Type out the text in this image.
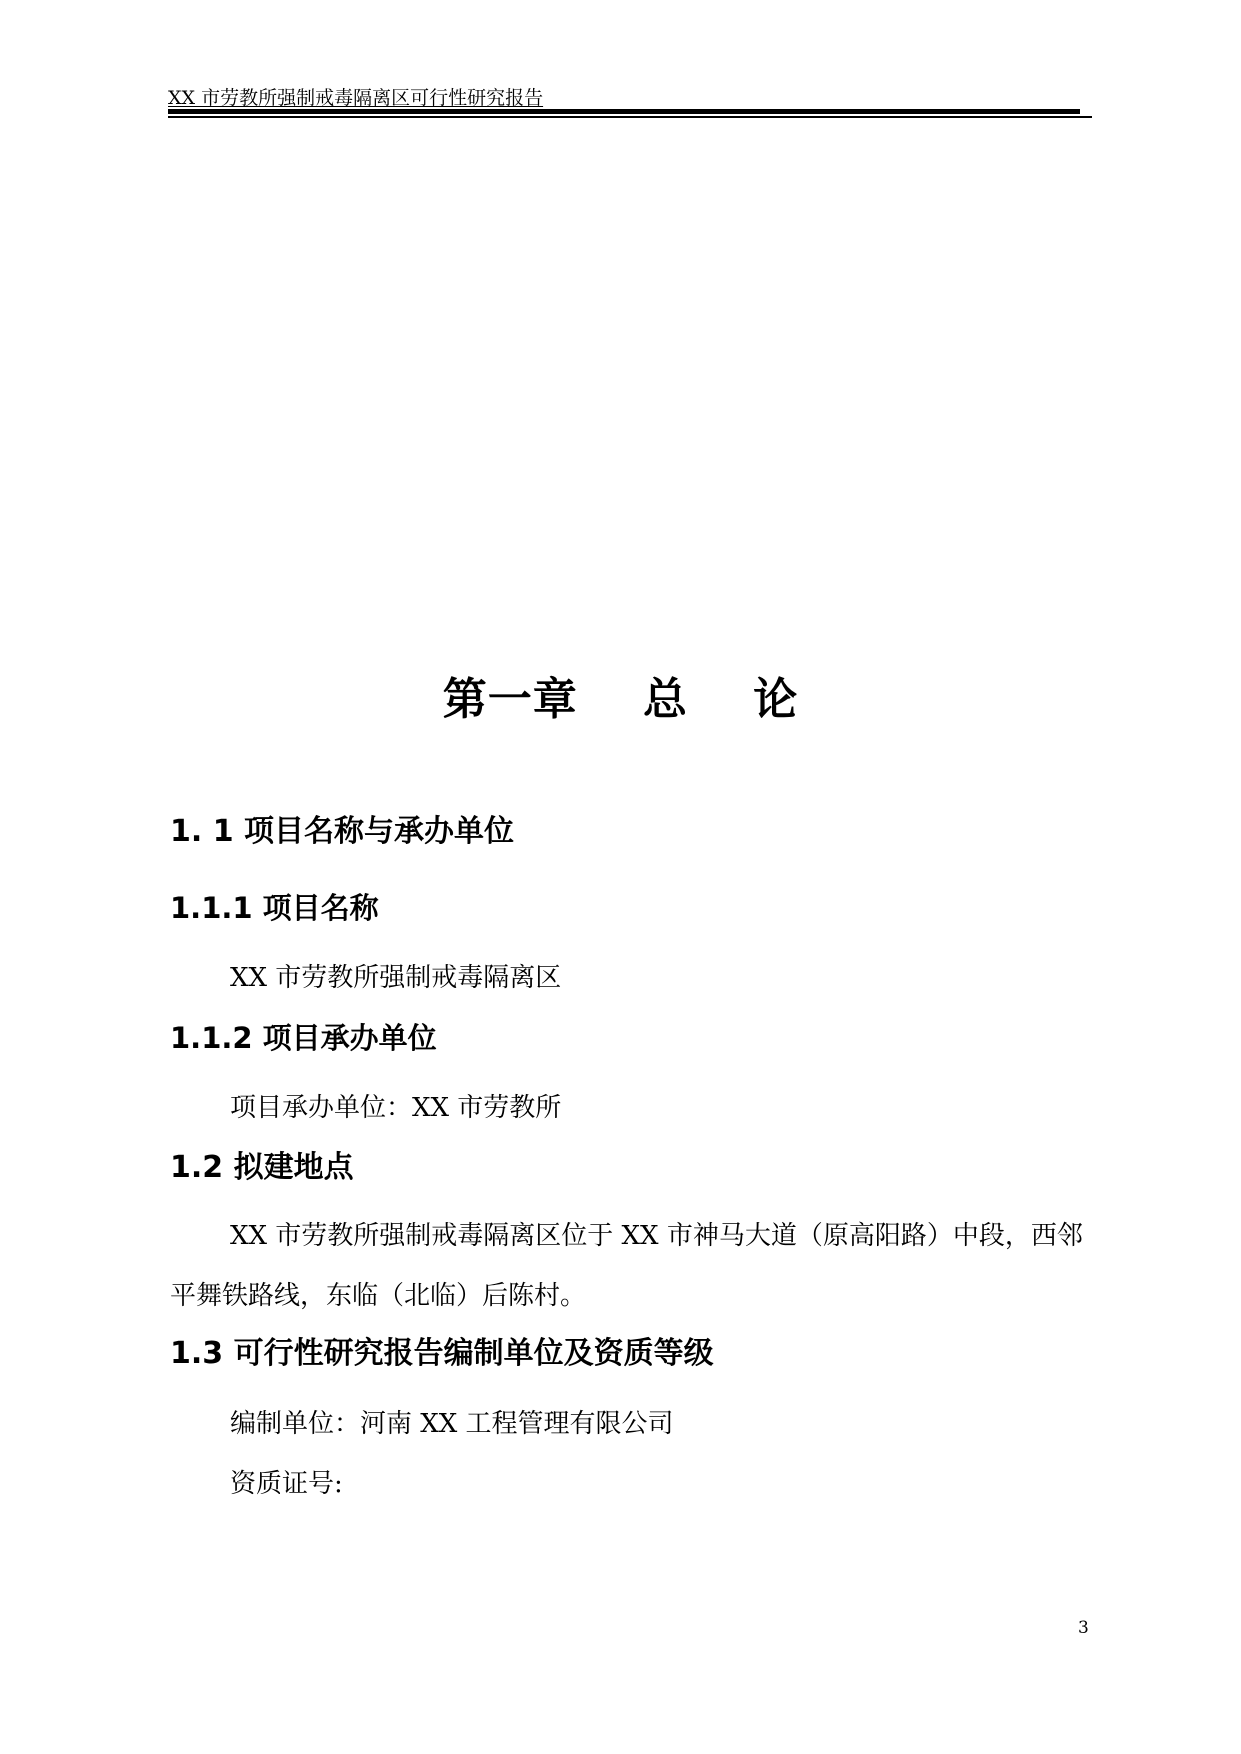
XX 市劳教所强制戒毒隔离区可行性研究报告
第一章    总    论
1. 1 项目名称与承办单位
1.1.1 项目名称
XX 市劳教所强制戒毒隔离区
1.1.2 项目承办单位
项目承办单位：XX 市劳教所
1.2 拟建地点
XX 市劳教所强制戒毒隔离区位于 XX 市神马大道（原高阳路）中段，西邻平舞铁路线，东临（北临）后陈村。
1.3 可行性研究报告编制单位及资质等级
编制单位：河南 XX 工程管理有限公司
资质证号:
3
